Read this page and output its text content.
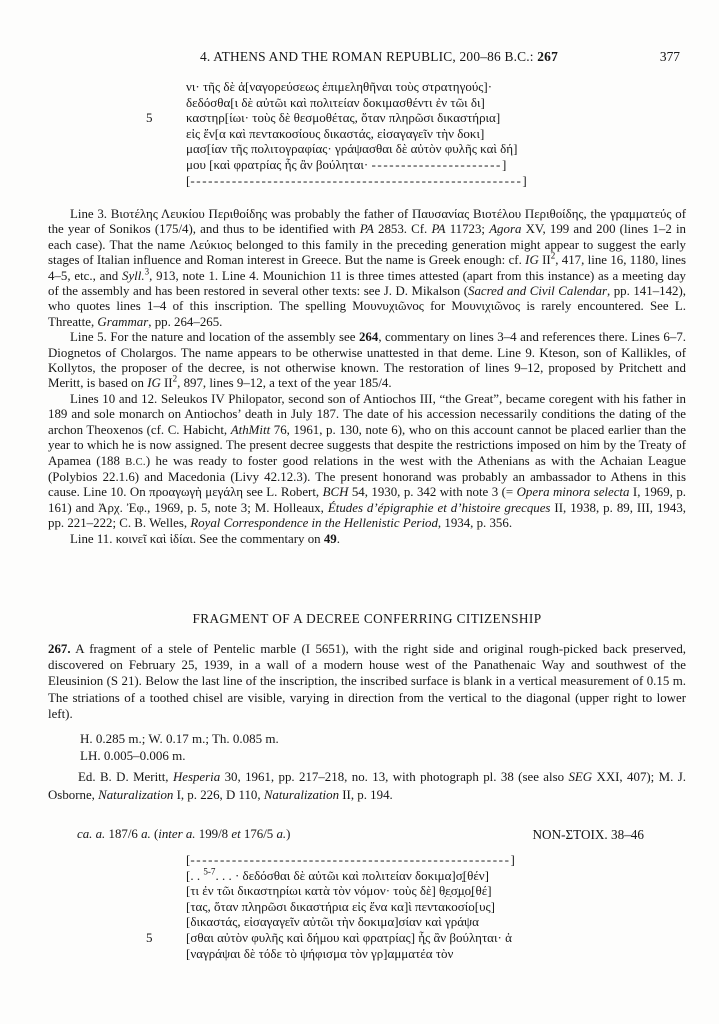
4. ATHENS AND THE ROMAN REPUBLIC, 200–86 B.C.: 267	377
νι· τῆς δὲ ἀ[ναγορεύσεως ἐπιμεληθῆναι τοὺς στρατηγούς]·
δεδόσθα[ι δὲ αὐτῶι καὶ πολιτείαν δοκιμασθέντι ἐν τῶι δι]
5	καστηρ[ίωι· τοὺς δὲ θεσμοθέτας, ὅταν πληρῶσι δικαστήρια]
εἰς ἕν[α καὶ πεντακοσίους δικαστάς, εἰσαγαγεῖν τὴν δοκι]
μασ[ίαν τῆς πολιτογραφίας· γράψασθαι δὲ αὐτὸν φυλῆς καὶ δή]
μου [καὶ φρατρίας ἧς ἂν βούληται· ----------------------]
[--------------------------------------------------------]

Line 3. Βιοτέλης Λευκίου Περιθοίδης was probably the father of Παυσανίας Βιοτέλου Περιθοίδης, the γραμματεύς of the year of Sonikos (175/4), and thus to be identified with PA 2853. Cf. PA 11723; Agora XV, 199 and 200 (lines 1–2 in each case). That the name Λεύκιος belonged to this family in the preceding generation might appear to suggest the early stages of Italian influence and Roman interest in Greece. But the name is Greek enough: cf. IG $II^2$, 417, line 16, 1180, lines 4–5, etc., and Syll.$^3$, 913, note 1. Line 4. Mounichion 11 is three times attested (apart from this instance) as a meeting day of the assembly and has been restored in several other texts: see J. D. Mikalson (Sacred and Civil Calendar, pp. 141–142), who quotes lines 1–4 of this inscription. The spelling Μουνυχιῶνος for Μουνιχιῶνος is rarely encountered. See L. Threatte, Grammar, pp. 264–265.

Line 5. For the nature and location of the assembly see 264, commentary on lines 3–4 and references there. Lines 6–7. Diognetos of Cholargos. The name appears to be otherwise unattested in that deme. Line 9. Kteson, son of Kallikles, of Kollytos, the proposer of the decree, is not otherwise known. The restoration of lines 9–12, proposed by Pritchett and Meritt, is based on IG $II^2$, 897, lines 9–12, a text of the year 185/4.

Lines 10 and 12. Seleukos IV Philopator, second son of Antiochos III, “the Great”, became coregent with his father in 189 and sole monarch on Antiochos’ death in July 187. The date of his accession necessarily conditions the dating of the archon Theoxenos (cf. C. Habicht, AthMitt 76, 1961, p. 130, note 6), who on this account cannot be placed earlier than the year to which he is now assigned. The present decree suggests that despite the restrictions imposed on him by the Treaty of Apamea (188 B.C.) he was ready to foster good relations in the west with the Athenians as with the Achaian League (Polybios 22.1.6) and Macedonia (Livy 42.12.3). The present honorand was probably an ambassador to Athens in this cause. Line 10. On προαγωγὴ μεγάλη see L. Robert, BCH 54, 1930, p. 342 with note 3 (= Opera minora selecta I, 1969, p. 161) and Ἀρχ. Ἐφ., 1969, p. 5, note 3; M. Holleaux, Études d’épigraphie et d’histoire grecques II, 1938, p. 89, III, 1943, pp. 221–222; C. B. Welles, Royal Correspondence in the Hellenistic Period, 1934, p. 356.

Line 11. κοινεῖ καὶ ἰδίαι. See the commentary on 49.

FRAGMENT OF A DECREE CONFERRING CITIZENSHIP

267. A fragment of a stele of Pentelic marble (I 5651), with the right side and original rough-picked back preserved, discovered on February 25, 1939, in a wall of a modern house west of the Panathenaic Way and southwest of the Eleusinion (S 21). Below the last line of the inscription, the inscribed surface is blank in a vertical measurement of 0.15 m. The striations of a toothed chisel are visible, varying in direction from the vertical to the diagonal (upper right to lower left).

H. 0.285 m.; W. 0.17 m.; Th. 0.085 m.
LH. 0.005–0.006 m.

Ed. B. D. Meritt, Hesperia 30, 1961, pp. 217–218, no. 13, with photograph pl. 38 (see also SEG XXI, 407); M. J. Osborne, Naturalization I, p. 226, D 110, Naturalization II, p. 194.

ca. a. 187/6 a. (inter a. 199/8 et 176/5 a.)	NON-ΣΤΟΙΧ. 38–46
[------------------------------------------------------]
[. . $^{5-7}$. . . · δεδόσθαι δὲ αὐτῶι καὶ πολιτείαν δοκιμα]σ̣[θέν]
[τι ἐν τῶι δικαστηρίωι κατὰ τὸν νόμον· τοὺς δὲ] θ̣ε̣σ̣μ̣ο̣[θέ]
[τας, ὅταν πληρῶσι δικαστήρια εἰς ἕνα κα]ὶ πεντακοσίο[υς]
[δικαστάς, εἰσαγαγεῖν αὐτῶι τὴν δοκιμα]σίαν καὶ γράψα
5	[σθαι αὐτὸν φυλῆς καὶ δήμου καὶ φρατρίας] ἧ̣ς ἂν βούληται· ἀ
[ναγράψαι δὲ τόδε τὸ ψήφισμα τὸν γρ]αμματέα τὸν
